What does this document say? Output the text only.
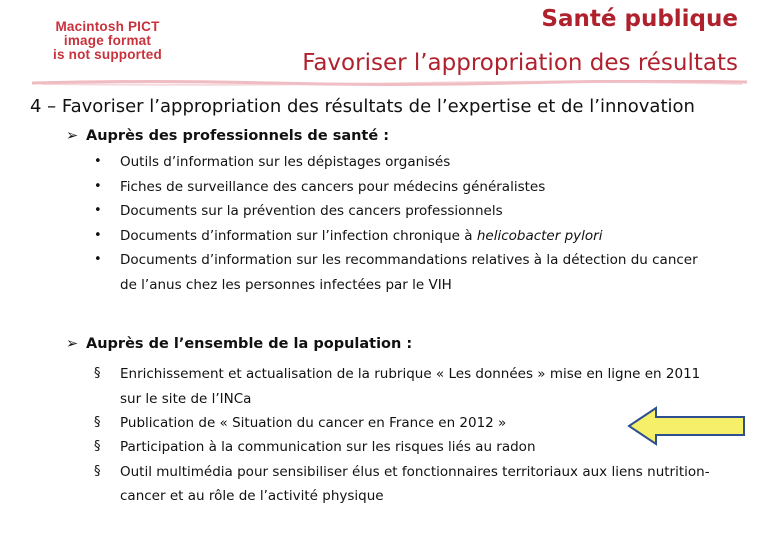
Macintosh PICT
image format
is not supported
Santé publique
Favoriser l’appropriation des résultats
4 – Favoriser l’appropriation des résultats de l’expertise et de l’innovation
➢ Auprès des professionnels de santé :
• Outils d’information sur les dépistages organisés
• Fiches de surveillance des cancers pour médecins généralistes
• Documents sur la prévention des cancers professionnels
• Documents d’information sur l’infection chronique à helicobacter pylori
• Documents d’information sur les recommandations relatives à la détection du cancer
de l’anus chez les personnes infectées par le VIH
➢ Auprès de l’ensemble de la population :
§ Enrichissement et actualisation de la rubrique « Les données » mise en ligne en 2011
sur le site de l’INCa
§ Publication de « Situation du cancer en France en 2012 »
§ Participation à la communication sur les risques liés au radon
§ Outil multimédia pour sensibiliser élus et fonctionnaires territoriaux aux liens nutrition-
cancer et au rôle de l’activité physique
